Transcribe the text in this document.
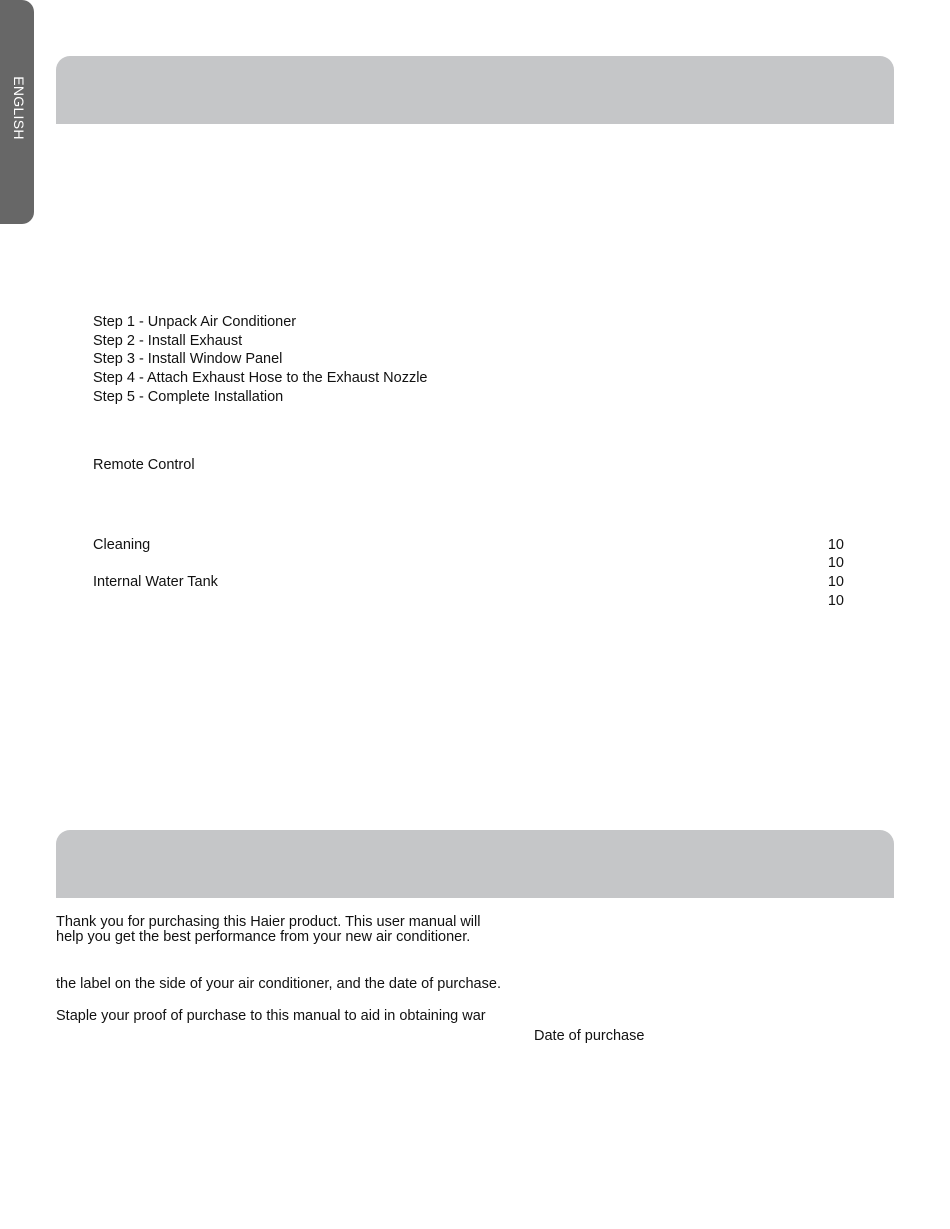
ENGLISH
Step 1 - Unpack Air Conditioner
Step 2 - Install Exhaust
Step 3 - Install Window Panel
Step 4 - Attach Exhaust Hose to the Exhaust Nozzle
Step 5 - Complete Installation
Remote Control
Cleaning
Internal Water Tank
10
10
10
10
Thank you for purchasing this Haier product. This user manual will
help you get the best performance from your new air conditioner.
the label on the side of your air conditioner, and the date of purchase.
Staple your proof of purchase to this manual to aid in obtaining war
Date of purchase
